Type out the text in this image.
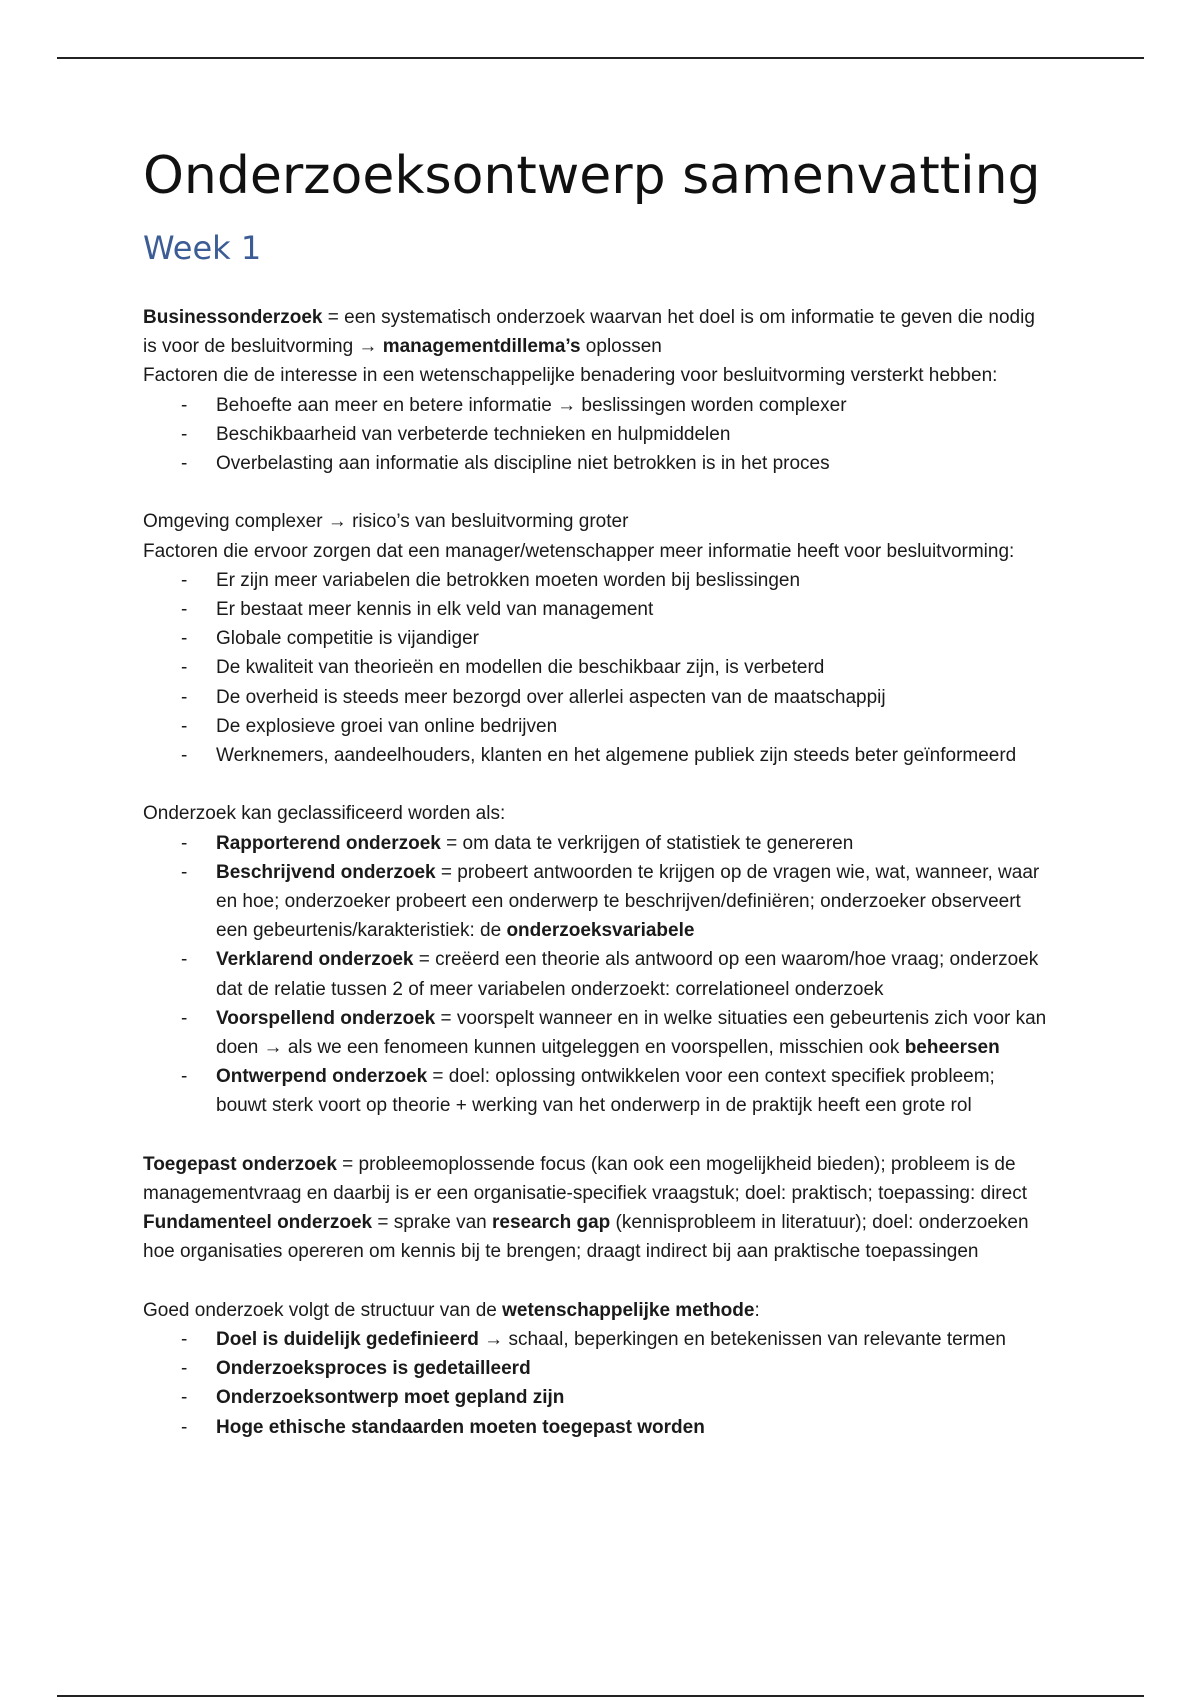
Onderzoeksontwerp samenvatting
Week 1
Businessonderzoek = een systematisch onderzoek waarvan het doel is om informatie te geven die nodig
is voor de besluitvorming → managementdillema’s oplossen
Factoren die de interesse in een wetenschappelijke benadering voor besluitvorming versterkt hebben:
- Behoefte aan meer en betere informatie → beslissingen worden complexer
- Beschikbaarheid van verbeterde technieken en hulpmiddelen
- Overbelasting aan informatie als discipline niet betrokken is in het proces
Omgeving complexer → risico’s van besluitvorming groter
Factoren die ervoor zorgen dat een manager/wetenschapper meer informatie heeft voor besluitvorming:
- Er zijn meer variabelen die betrokken moeten worden bij beslissingen
- Er bestaat meer kennis in elk veld van management
- Globale competitie is vijandiger
- De kwaliteit van theorieën en modellen die beschikbaar zijn, is verbeterd
- De overheid is steeds meer bezorgd over allerlei aspecten van de maatschappij
- De explosieve groei van online bedrijven
- Werknemers, aandeelhouders, klanten en het algemene publiek zijn steeds beter geïnformeerd
Onderzoek kan geclassificeerd worden als:
- Rapporterend onderzoek = om data te verkrijgen of statistiek te genereren
- Beschrijvend onderzoek = probeert antwoorden te krijgen op de vragen wie, wat, wanneer, waar
en hoe; onderzoeker probeert een onderwerp te beschrijven/definiëren; onderzoeker observeert
een gebeurtenis/karakteristiek: de onderzoeksvariabele
- Verklarend onderzoek = creëerd een theorie als antwoord op een waarom/hoe vraag; onderzoek
dat de relatie tussen 2 of meer variabelen onderzoekt: correlationeel onderzoek
- Voorspellend onderzoek = voorspelt wanneer en in welke situaties een gebeurtenis zich voor kan
doen → als we een fenomeen kunnen uitgeleggen en voorspellen, misschien ook beheersen
- Ontwerpend onderzoek = doel: oplossing ontwikkelen voor een context specifiek probleem;
bouwt sterk voort op theorie + werking van het onderwerp in de praktijk heeft een grote rol
Toegepast onderzoek = probleemoplossende focus (kan ook een mogelijkheid bieden); probleem is de
managementvraag en daarbij is er een organisatie-specifiek vraagstuk; doel: praktisch; toepassing: direct
Fundamenteel onderzoek = sprake van research gap (kennisprobleem in literatuur); doel: onderzoeken
hoe organisaties opereren om kennis bij te brengen; draagt indirect bij aan praktische toepassingen
Goed onderzoek volgt de structuur van de wetenschappelijke methode:
- Doel is duidelijk gedefinieerd → schaal, beperkingen en betekenissen van relevante termen
- Onderzoeksproces is gedetailleerd
- Onderzoeksontwerp moet gepland zijn
- Hoge ethische standaarden moeten toegepast worden
